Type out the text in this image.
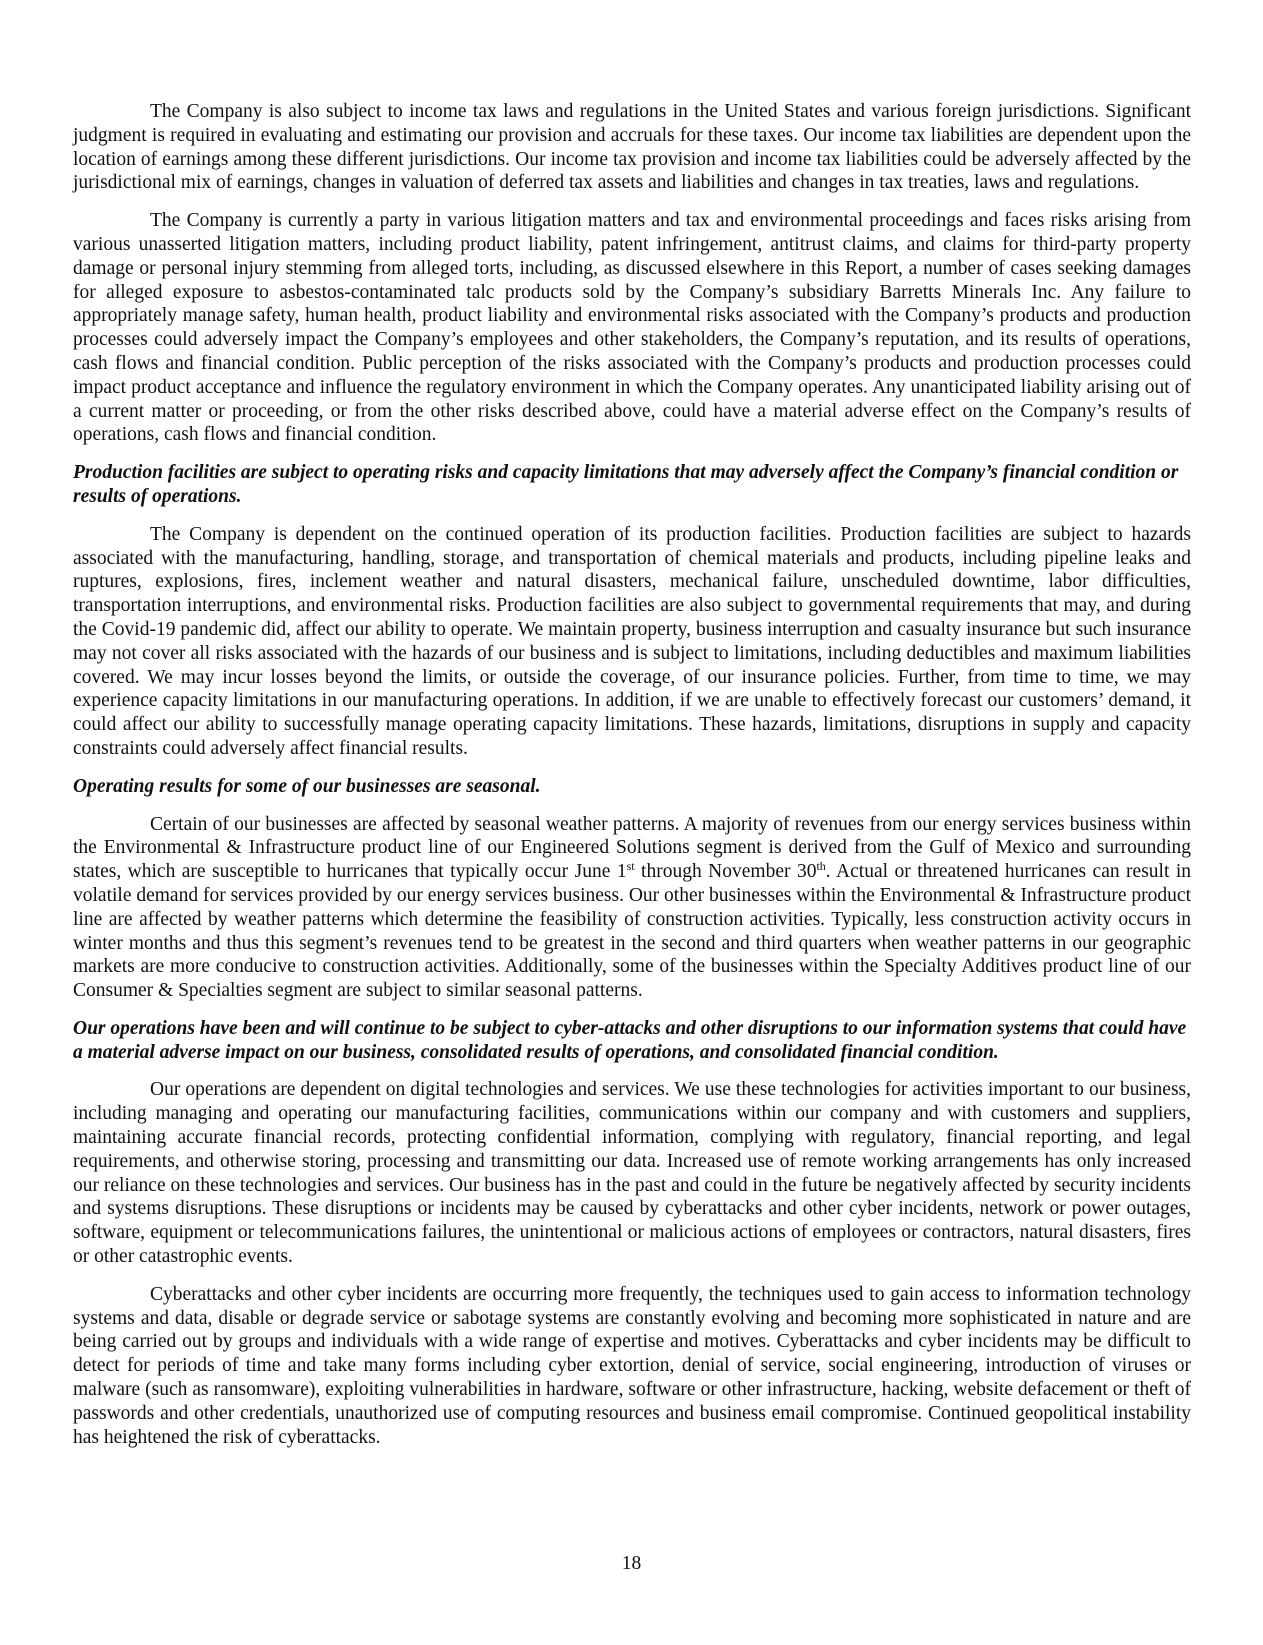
The Company is also subject to income tax laws and regulations in the United States and various foreign jurisdictions. Significant judgment is required in evaluating and estimating our provision and accruals for these taxes. Our income tax liabilities are dependent upon the location of earnings among these different jurisdictions. Our income tax provision and income tax liabilities could be adversely affected by the jurisdictional mix of earnings, changes in valuation of deferred tax assets and liabilities and changes in tax treaties, laws and regulations.

The Company is currently a party in various litigation matters and tax and environmental proceedings and faces risks arising from various unasserted litigation matters, including product liability, patent infringement, antitrust claims, and claims for third-party property damage or personal injury stemming from alleged torts, including, as discussed elsewhere in this Report, a number of cases seeking damages for alleged exposure to asbestos-contaminated talc products sold by the Company’s subsidiary Barretts Minerals Inc. Any failure to appropriately manage safety, human health, product liability and environmental risks associated with the Company’s products and production processes could adversely impact the Company’s employees and other stakeholders, the Company’s reputation, and its results of operations, cash flows and financial condition. Public perception of the risks associated with the Company’s products and production processes could impact product acceptance and influence the regulatory environment in which the Company operates. Any unanticipated liability arising out of a current matter or proceeding, or from the other risks described above, could have a material adverse effect on the Company’s results of operations, cash flows and financial condition.

Production facilities are subject to operating risks and capacity limitations that may adversely affect the Company’s financial condition or results of operations.

The Company is dependent on the continued operation of its production facilities. Production facilities are subject to hazards associated with the manufacturing, handling, storage, and transportation of chemical materials and products, including pipeline leaks and ruptures, explosions, fires, inclement weather and natural disasters, mechanical failure, unscheduled downtime, labor difficulties, transportation interruptions, and environmental risks. Production facilities are also subject to governmental requirements that may, and during the Covid-19 pandemic did, affect our ability to operate. We maintain property, business interruption and casualty insurance but such insurance may not cover all risks associated with the hazards of our business and is subject to limitations, including deductibles and maximum liabilities covered. We may incur losses beyond the limits, or outside the coverage, of our insurance policies. Further, from time to time, we may experience capacity limitations in our manufacturing operations. In addition, if we are unable to effectively forecast our customers’ demand, it could affect our ability to successfully manage operating capacity limitations. These hazards, limitations, disruptions in supply and capacity constraints could adversely affect financial results.

Operating results for some of our businesses are seasonal.

Certain of our businesses are affected by seasonal weather patterns. A majority of revenues from our energy services business within the Environmental & Infrastructure product line of our Engineered Solutions segment is derived from the Gulf of Mexico and surrounding states, which are susceptible to hurricanes that typically occur June 1st through November 30th. Actual or threatened hurricanes can result in volatile demand for services provided by our energy services business. Our other businesses within the Environmental & Infrastructure product line are affected by weather patterns which determine the feasibility of construction activities. Typically, less construction activity occurs in winter months and thus this segment’s revenues tend to be greatest in the second and third quarters when weather patterns in our geographic markets are more conducive to construction activities. Additionally, some of the businesses within the Specialty Additives product line of our Consumer & Specialties segment are subject to similar seasonal patterns.

Our operations have been and will continue to be subject to cyber-attacks and other disruptions to our information systems that could have a material adverse impact on our business, consolidated results of operations, and consolidated financial condition.

Our operations are dependent on digital technologies and services. We use these technologies for activities important to our business, including managing and operating our manufacturing facilities, communications within our company and with customers and suppliers, maintaining accurate financial records, protecting confidential information, complying with regulatory, financial reporting, and legal requirements, and otherwise storing, processing and transmitting our data. Increased use of remote working arrangements has only increased our reliance on these technologies and services. Our business has in the past and could in the future be negatively affected by security incidents and systems disruptions. These disruptions or incidents may be caused by cyberattacks and other cyber incidents, network or power outages, software, equipment or telecommunications failures, the unintentional or malicious actions of employees or contractors, natural disasters, fires or other catastrophic events.

Cyberattacks and other cyber incidents are occurring more frequently, the techniques used to gain access to information technology systems and data, disable or degrade service or sabotage systems are constantly evolving and becoming more sophisticated in nature and are being carried out by groups and individuals with a wide range of expertise and motives. Cyberattacks and cyber incidents may be difficult to detect for periods of time and take many forms including cyber extortion, denial of service, social engineering, introduction of viruses or malware (such as ransomware), exploiting vulnerabilities in hardware, software or other infrastructure, hacking, website defacement or theft of passwords and other credentials, unauthorized use of computing resources and business email compromise. Continued geopolitical instability has heightened the risk of cyberattacks.

18
